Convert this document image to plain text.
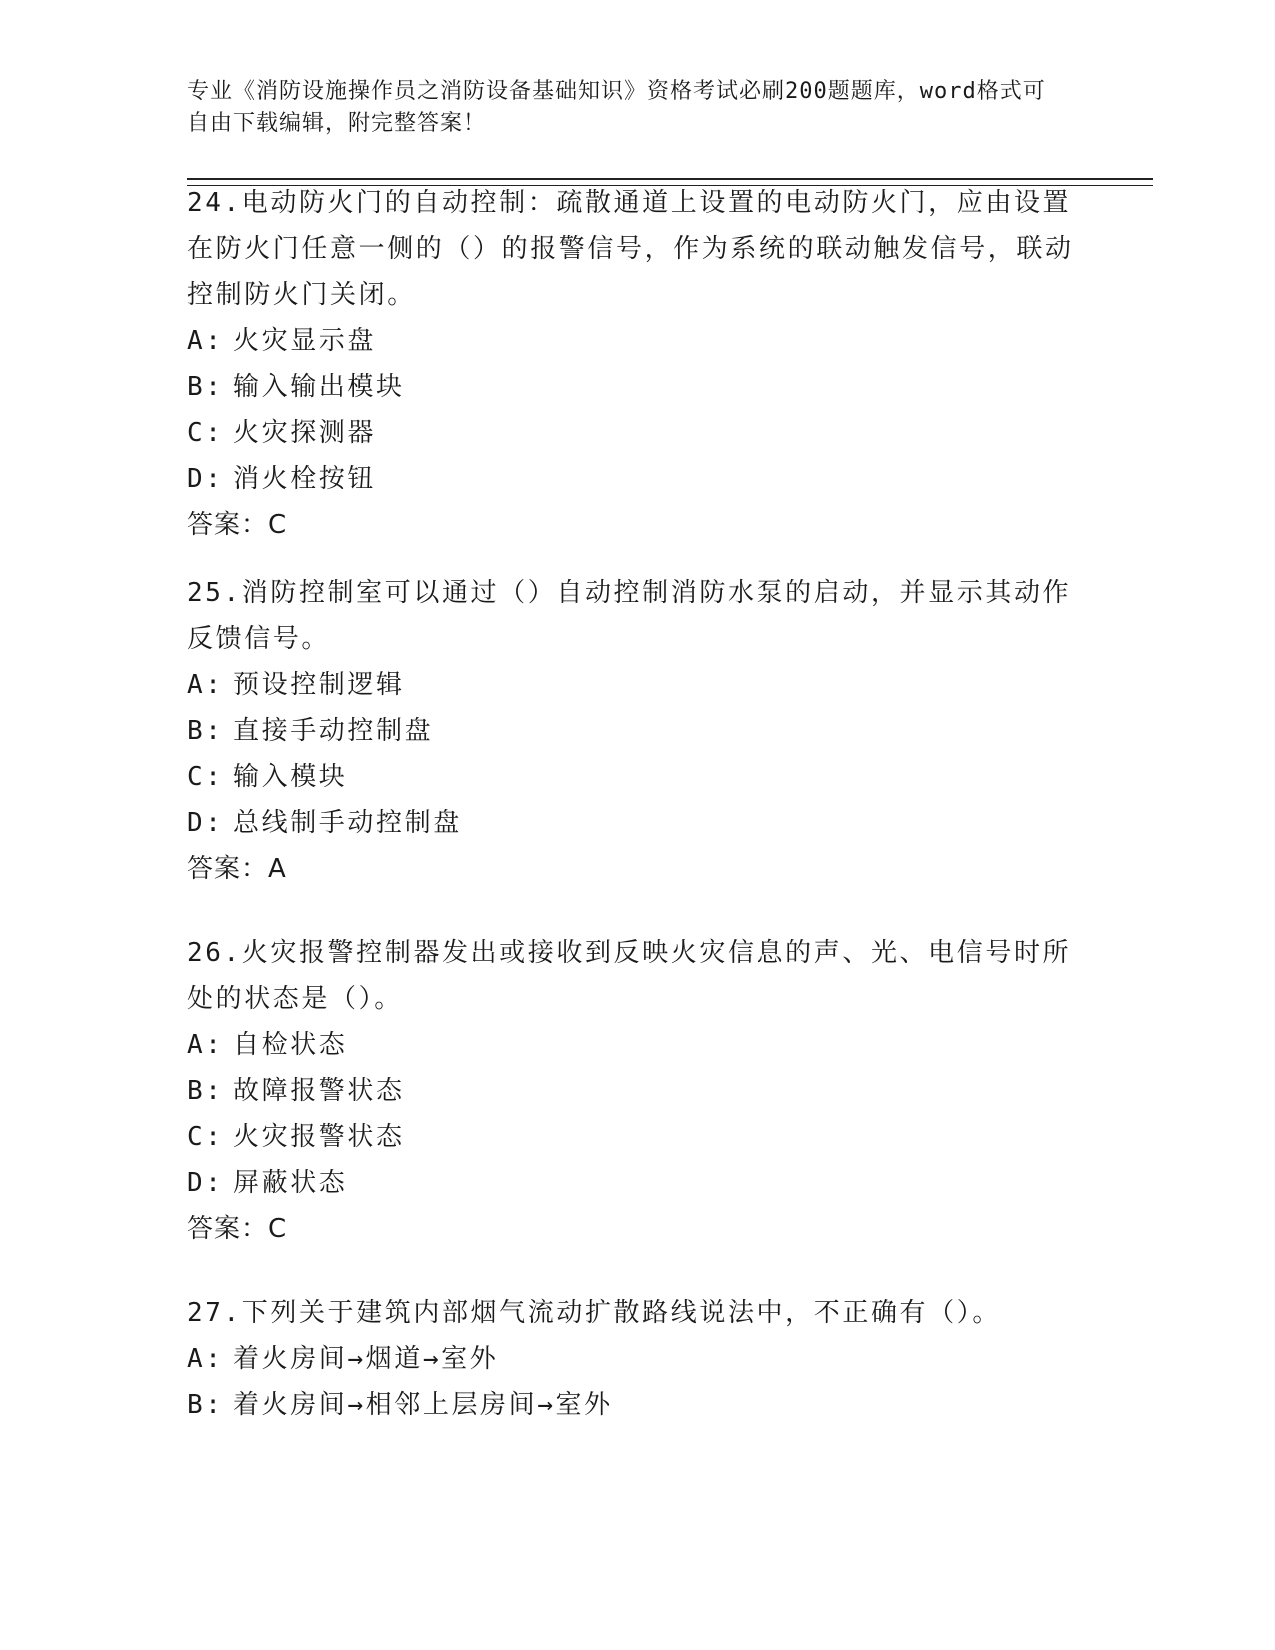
专业《消防设施操作员之消防设备基础知识》资格考试必刷200题题库，word格式可自由下载编辑，附完整答案！
24.电动防火门的自动控制：疏散通道上设置的电动防火门，应由设置在防火门任意一侧的（）的报警信号，作为系统的联动触发信号，联动控制防火门关闭。
A: 火灾显示盘
B: 输入输出模块
C: 火灾探测器
D: 消火栓按钮
答案：C
25.消防控制室可以通过（）自动控制消防水泵的启动，并显示其动作反馈信号。
A: 预设控制逻辑
B: 直接手动控制盘
C: 输入模块
D: 总线制手动控制盘
答案：A
26.火灾报警控制器发出或接收到反映火灾信息的声、光、电信号时所处的状态是（）。
A: 自检状态
B: 故障报警状态
C: 火灾报警状态
D: 屏蔽状态
答案：C
27.下列关于建筑内部烟气流动扩散路线说法中，不正确有（）。
A: 着火房间→烟道→室外
B: 着火房间→相邻上层房间→室外
